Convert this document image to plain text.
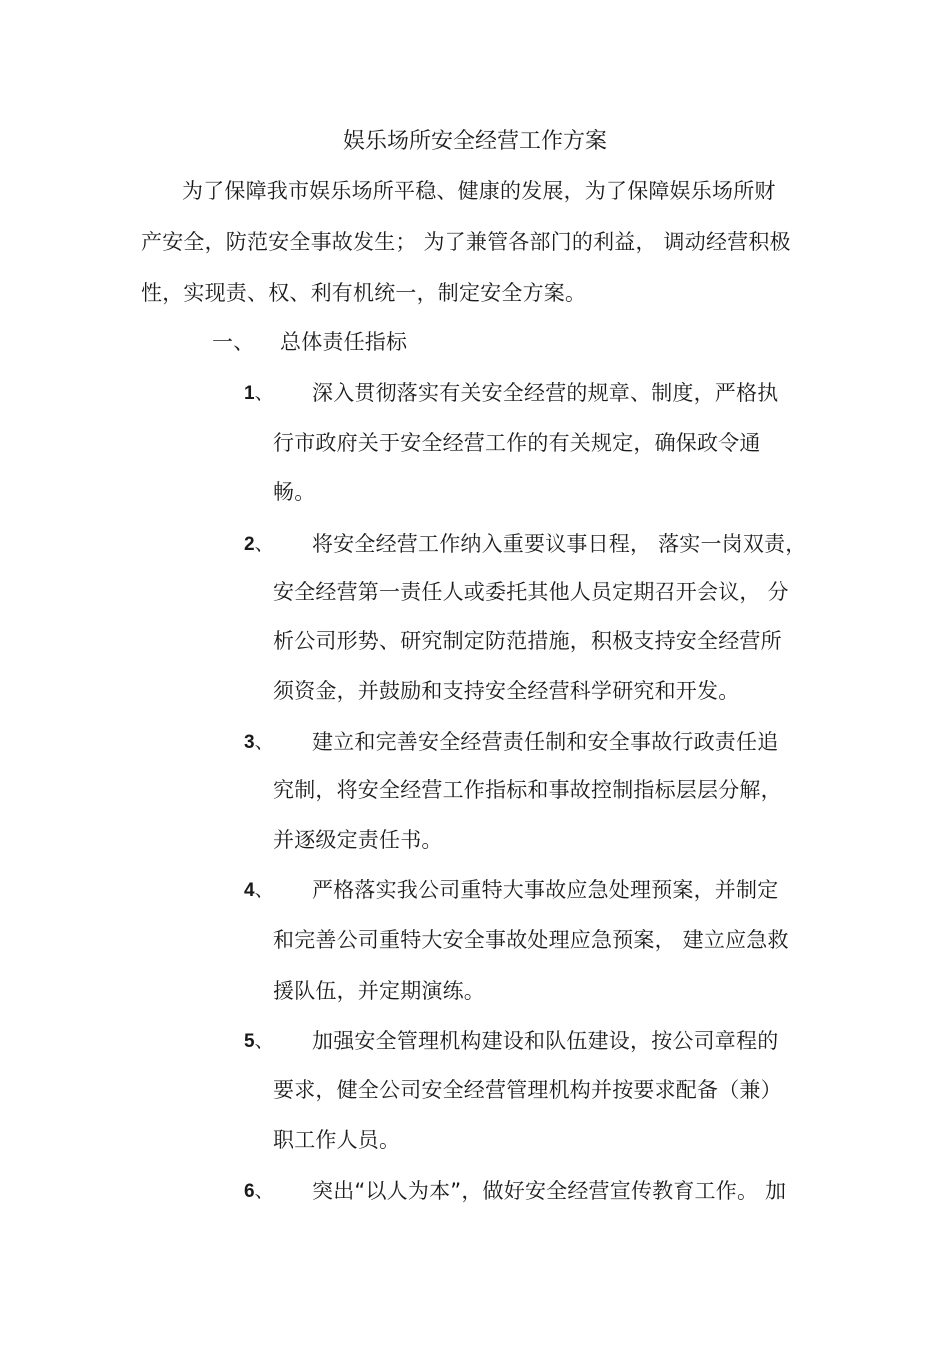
娱乐场所安全经营工作方案
为了保障我市娱乐场所平稳、健康的发展，为了保障娱乐场所财
产安全，防范安全事故发生； 为了兼管各部门的利益， 调动经营积极
性，实现责、权、利有机统一，制定安全方案。
一、 总体责任指标
1、 深入贯彻落实有关安全经营的规章、制度，严格执
行市政府关于安全经营工作的有关规定，确保政令通
畅。
2、 将安全经营工作纳入重要议事日程， 落实一岗双责，
安全经营第一责任人或委托其他人员定期召开会议， 分
析公司形势、研究制定防范措施，积极支持安全经营所
须资金，并鼓励和支持安全经营科学研究和开发。
3、 建立和完善安全经营责任制和安全事故行政责任追
究制，将安全经营工作指标和事故控制指标层层分解，
并逐级定责任书。
4、 严格落实我公司重特大事故应急处理预案，并制定
和完善公司重特大安全事故处理应急预案， 建立应急救
援队伍，并定期演练。
5、 加强安全管理机构建设和队伍建设，按公司章程的
要求，健全公司安全经营管理机构并按要求配备（兼）
职工作人员。
6、 突出“以人为本”，做好安全经营宣传教育工作。 加
